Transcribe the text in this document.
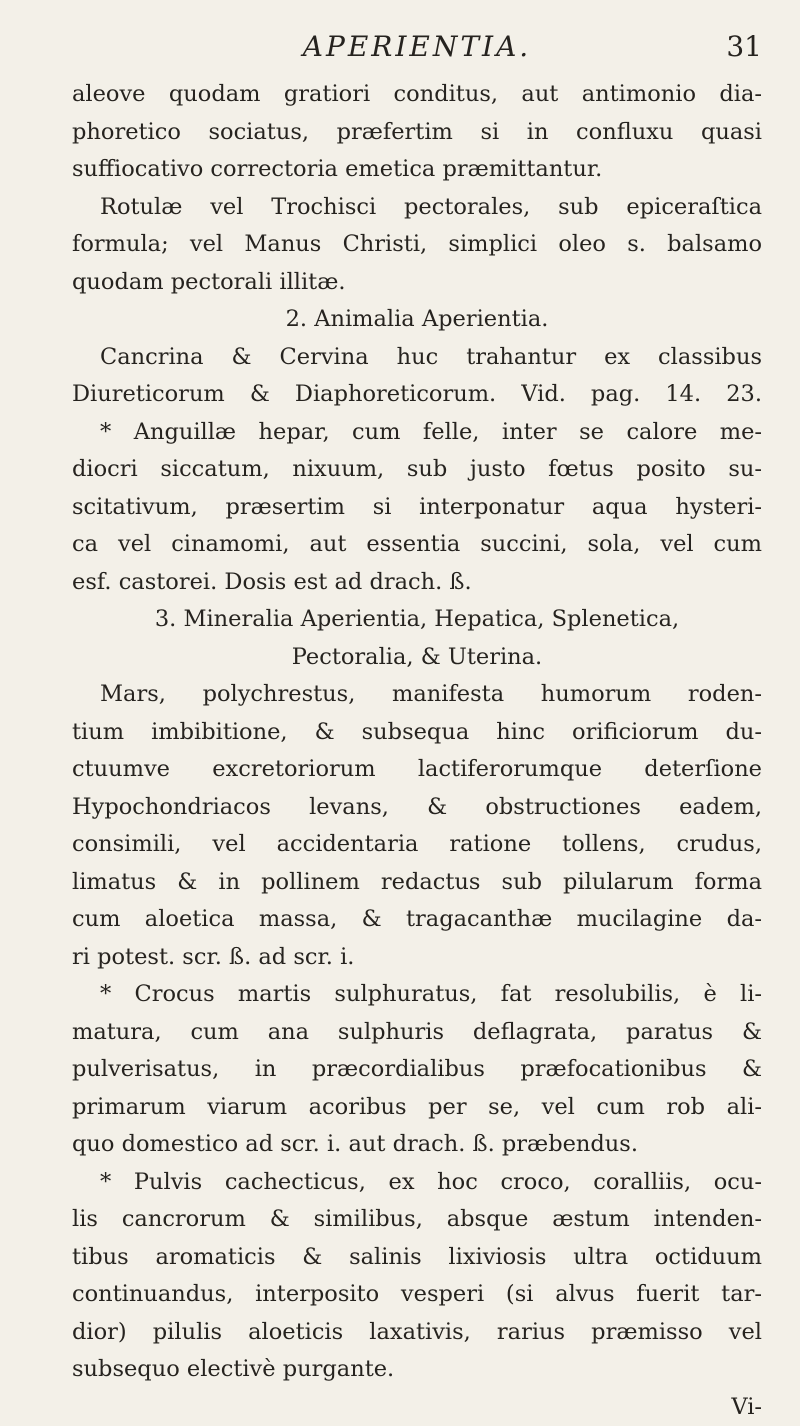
APERIENTIA.	31
aleove quodam gratiori conditus, aut antimonio dia-
phoretico sociatus, præfertim si in confluxu quasi
suffiocativo correctoria emetica præmittantur.
Rotulæ vel Trochisci pectorales, sub epiceraſtica
formula; vel Manus Christi, simplici oleo s. balsamo
quodam pectorali illitæ.
2. Animalia Aperientia.
Cancrina & Cervina huc trahantur ex classibus
Diureticorum & Diaphoreticorum. Vid. pag. 14. 23.
* Anguillæ hepar, cum felle, inter se calore me-
diocri siccatum, nixuum, sub justo fœtus posito su-
scitativum, præsertim si interponatur aqua hysteri-
ca vel cinamomi, aut essentia succini, sola, vel cum
esf. castorei. Dosis est ad drach. ß.
3. Mineralia Aperientia, Hepatica, Splenetica,
Pectoralia, & Uterina.
Mars, polychrestus, manifesta humorum roden-
tium imbibitione, & subsequa hinc orificiorum du-
ctuumve excretoriorum lactiferorumque deterſione
Hypochondriacos levans, & obstructiones eadem,
consimili, vel accidentaria ratione tollens, crudus,
limatus & in pollinem redactus sub pilularum forma
cum aloetica massa, & tragacanthæ mucilagine da-
ri potest. scr. ß. ad scr. i.
* Crocus martis sulphuratus, fat resolubilis, è li-
matura, cum ana sulphuris deflagrata, paratus &
pulverisatus, in præcordialibus præfocationibus &
primarum viarum acoribus per se, vel cum rob ali-
quo domestico ad scr. i. aut drach. ß. præbendus.
* Pulvis cachecticus, ex hoc croco, coralliis, ocu-
lis cancrorum & similibus, absque æstum intenden-
tibus aromaticis & salinis lixiviosis ultra octiduum
continuandus, interposito vesperi (si alvus fuerit tar-
dior) pilulis aloeticis laxativis, rarius præmisso vel
subsequo electivè purgante.
Vi-
